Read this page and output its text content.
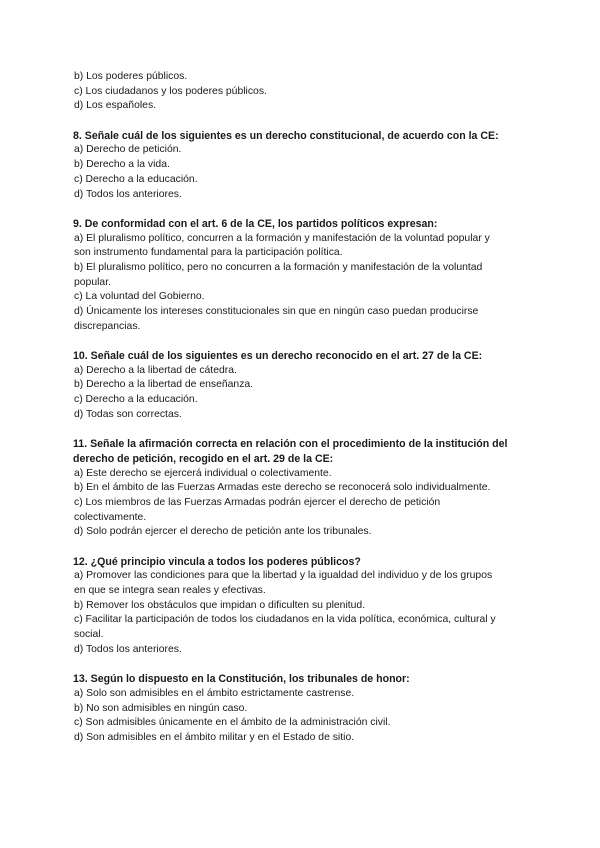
b) Los poderes públicos.
c) Los ciudadanos y los poderes públicos.
d) Los españoles.
8. Señale cuál de los siguientes es un derecho constitucional, de acuerdo con la CE:
a) Derecho de petición.
b) Derecho a la vida.
c) Derecho a la educación.
d) Todos los anteriores.
9. De conformidad con el art. 6 de la CE, los partidos políticos expresan:
a) El pluralismo político, concurren a la formación y manifestación de la voluntad popular y
son instrumento fundamental para la participación política.
b) El pluralismo político, pero no concurren a la formación y manifestación de la voluntad
popular.
c) La voluntad del Gobierno.
d) Únicamente los intereses constitucionales sin que en ningún caso puedan producirse
discrepancias.
10. Señale cuál de los siguientes es un derecho reconocido en el art. 27 de la CE:
a) Derecho a la libertad de cátedra.
b) Derecho a la libertad de enseñanza.
c) Derecho a la educación.
d) Todas son correctas.
11. Señale la afirmación correcta en relación con el procedimiento de la institución del
derecho de petición, recogido en el art. 29 de la CE:
a) Este derecho se ejercerá individual o colectivamente.
b) En el ámbito de las Fuerzas Armadas este derecho se reconocerá solo individualmente.
c) Los miembros de las Fuerzas Armadas podrán ejercer el derecho de petición
colectivamente.
d) Solo podrán ejercer el derecho de petición ante los tribunales.
12. ¿Qué principio vincula a todos los poderes públicos?
a) Promover las condiciones para que la libertad y la igualdad del individuo y de los grupos
en que se integra sean reales y efectivas.
b) Remover los obstáculos que impidan o dificulten su plenitud.
c) Facilitar la participación de todos los ciudadanos en la vida política, económica, cultural y
social.
d) Todos los anteriores.
13. Según lo dispuesto en la Constitución, los tribunales de honor:
a) Solo son admisibles en el ámbito estrictamente castrense.
b) No son admisibles en ningún caso.
c) Son admisibles únicamente en el ámbito de la administración civil.
d) Son admisibles en el ámbito militar y en el Estado de sitio.
